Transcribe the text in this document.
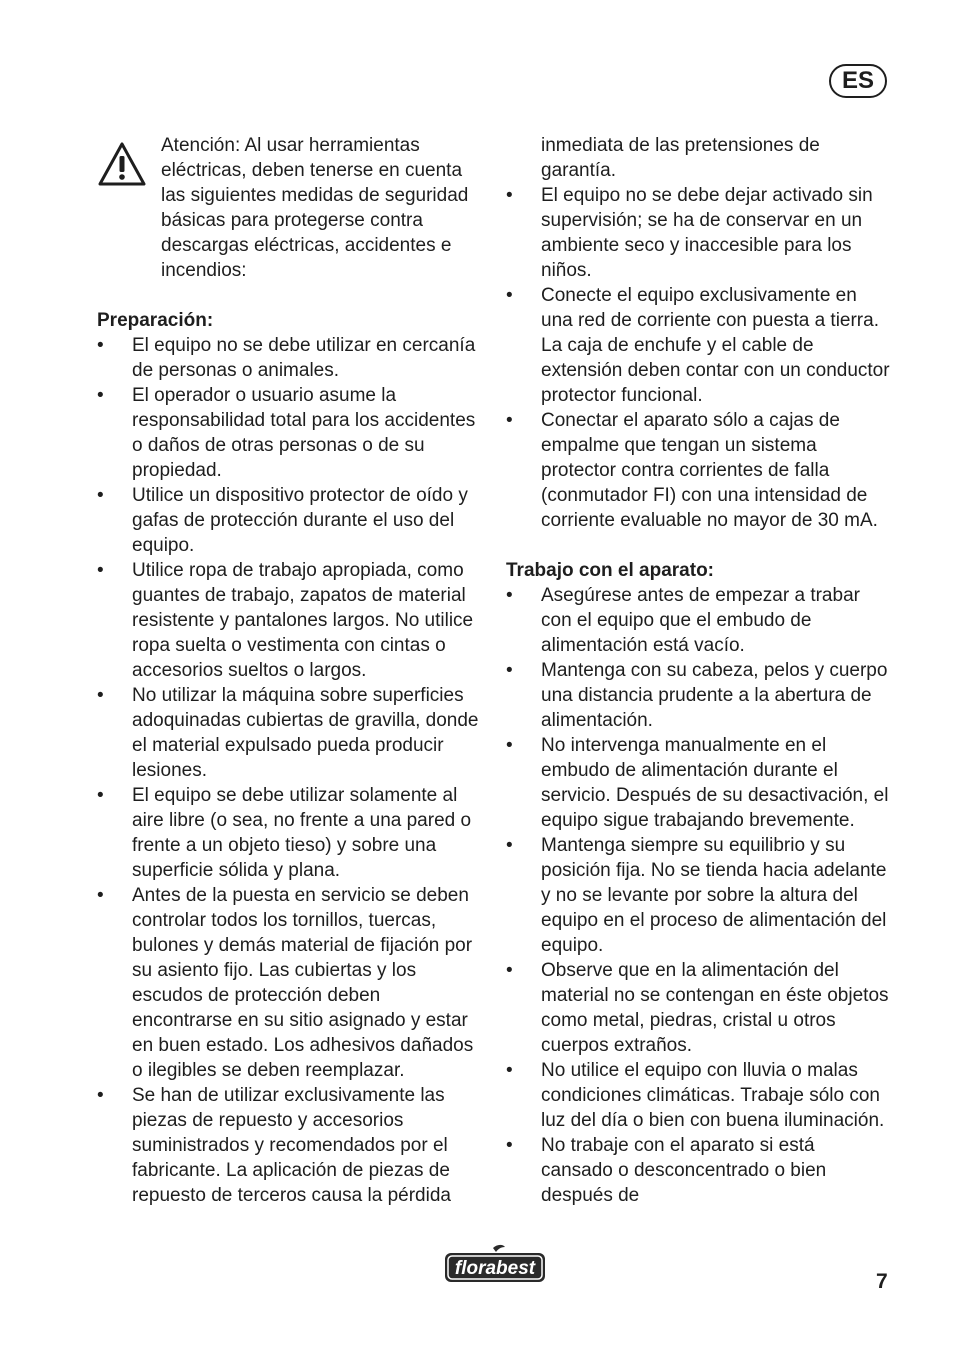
ES
Atención: Al usar herramientas eléctricas, deben tenerse en cuenta las siguientes medidas de seguridad básicas para protegerse contra descargas eléctricas, accidentes e incendios:
Preparación:
•	El equipo no se debe utilizar en cercanía de personas o animales.
•	El operador o usuario asume la responsabilidad total para los accidentes o daños de otras personas o de su propiedad.
•	Utilice un dispositivo protector de oído y gafas de protección durante el uso del equipo.
•	Utilice ropa de trabajo apropiada, como guantes de trabajo, zapatos de material resistente y pantalones largos. No utilice ropa suelta o vestimenta con cintas o accesorios sueltos o largos.
•	No utilizar la máquina sobre superficies adoquinadas cubiertas de gravilla, donde el material expulsado pueda producir lesiones.
•	El equipo se debe utilizar solamente al aire libre (o sea, no frente a una pared o frente a un objeto tieso) y sobre una superficie sólida y plana.
•	Antes de la puesta en servicio se deben controlar todos los tornillos, tuercas, bulones y demás material de fijación por su asiento fijo. Las cubiertas y los escudos de protección deben encontrarse en su sitio asignado y estar en buen estado. Los adhesivos dañados o ilegibles se deben reemplazar.
•	Se han de utilizar exclusivamente las piezas de repuesto y accesorios suministrados y recomendados por el fabricante. La aplicación de piezas de repuesto de terceros causa la pérdida
inmediata de las pretensiones de garantía.
•	El equipo no se debe dejar activado sin supervisión; se ha de conservar en un ambiente seco y inaccesible para los niños.
•	Conecte el equipo exclusivamente en una red de corriente con puesta a tierra. La caja de enchufe y el cable de extensión deben contar con un conductor protector funcional.
•	Conectar el aparato sólo a cajas de empalme que tengan un sistema protector contra corrientes de falla (conmutador FI) con una intensidad de corriente evaluable no mayor de 30 mA.
Trabajo con el aparato:
•	Asegúrese antes de empezar a trabar con el equipo que el embudo de alimentación está vacío.
•	Mantenga con su cabeza, pelos y cuerpo una distancia prudente a la abertura de alimentación.
•	No intervenga manualmente en el embudo de alimentación durante el servicio. Después de su desactivación, el equipo sigue trabajando brevemente.
•	Mantenga siempre su equilibrio y su posición fija. No se tienda hacia adelante y no se levante por sobre la altura del equipo en el proceso de alimentación del equipo.
•	Observe que en la alimentación del material no se contengan en éste objetos como metal, piedras, cristal u otros cuerpos extraños.
•	No utilice el equipo con lluvia o malas condiciones climáticas. Trabaje sólo con luz del día o bien con buena iluminación.
•	No trabaje con el aparato si está cansado o desconcentrado o bien después de
florabest
7
